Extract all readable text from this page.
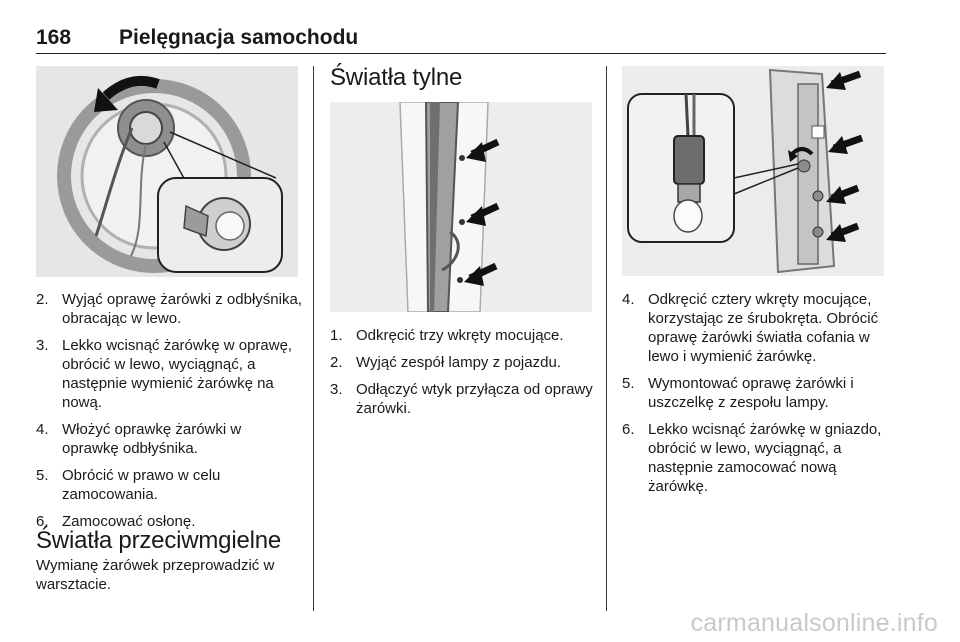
168 Pielęgnacja samochodu
2. Wyjąć oprawę żarówki z odbłyśnika, obracając w lewo.
3. Lekko wcisnąć żarówkę w oprawę, obrócić w lewo, wyciągnąć, a następnie wymienić żarówkę na nową.
4. Włożyć oprawkę żarówki w oprawkę odbłyśnika.
5. Obrócić w prawo w celu zamocowania.
6. Zamocować osłonę.
Światła przeciwmgielne

Wymianę żarówek przeprowadzić w warsztacie.

Światła tylne
1. Odkręcić trzy wkręty mocujące.
2. Wyjąć zespół lampy z pojazdu.
3. Odłączyć wtyk przyłącza od oprawy żarówki.
4. Odkręcić cztery wkręty mocujące, korzystając ze śrubokręta. Obrócić oprawę żarówki światła cofania w lewo i wymienić żarówkę.
5. Wymontować oprawę żarówki i uszczelkę z zespołu lampy.
6. Lekko wcisnąć żarówkę w gniazdo, obrócić w lewo, wyciągnąć, a następnie zamocować nową żarówkę.
carmanualsonline.info
